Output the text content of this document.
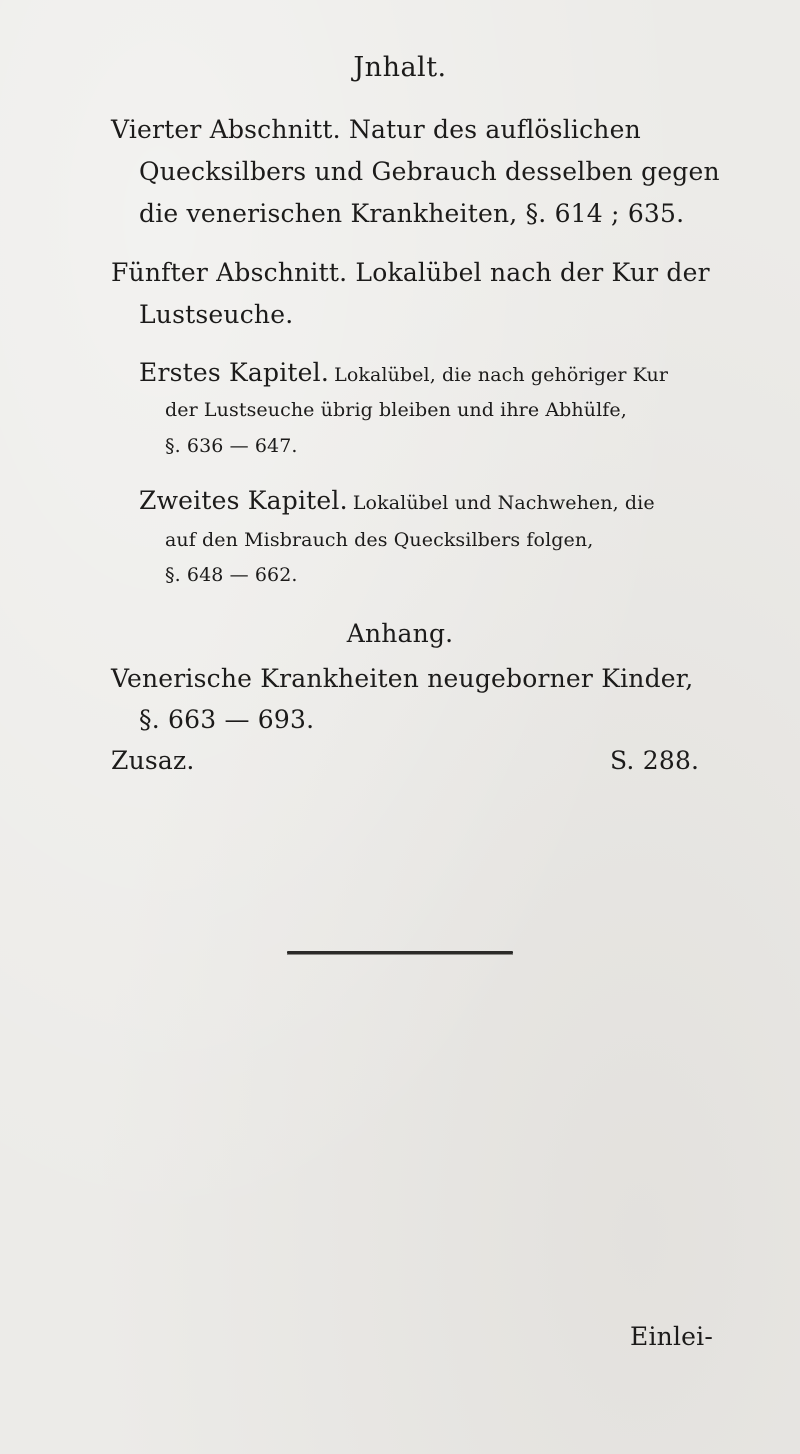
Jnhalt.
Vierter Abschnitt. Natur des auflöslichen
Quecksilbers und Gebrauch desselben gegen
die venerischen Krankheiten, §. 614 ; 635.
Fünfter Abschnitt. Lokalübel nach der Kur der
Lustseuche.
Erstes Kapitel. Lokalübel, die nach gehöriger Kur
der Lustseuche übrig bleiben und ihre Abhülfe,
§. 636 — 647.
Zweites Kapitel. Lokalübel und Nachwehen, die
auf den Misbrauch des Quecksilbers folgen,
§. 648 — 662.
Anhang.
Venerische Krankheiten neugeborner Kinder,
§. 663 — 693.
Zusaz.	S. 288.
Einlei-
